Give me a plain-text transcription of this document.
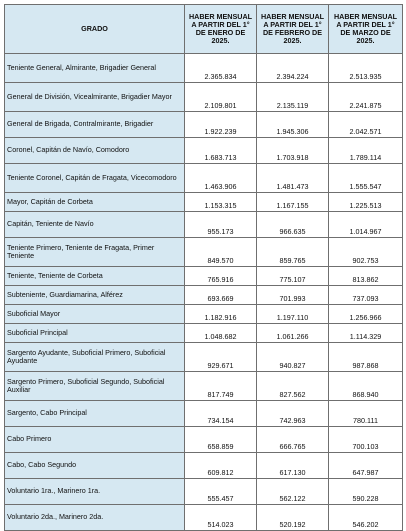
GRADO	HABER MENSUAL A PARTIR DEL 1° DE ENERO DE 2025.	HABER MENSUAL A PARTIR DEL 1° DE FEBRERO DE 2025.	HABER MENSUAL A PARTIR DEL 1° DE MARZO DE 2025.
Teniente General, Almirante, Brigadier General	2.365.834	2.394.224	2.513.935
General de División, Vicealmirante, Brigadier Mayor	2.109.801	2.135.119	2.241.875
General de Brigada, Contralmirante, Brigadier	1.922.239	1.945.306	2.042.571
Coronel, Capitán de Navío, Comodoro	1.683.713	1.703.918	1.789.114
Teniente Coronel, Capitán de Fragata, Vicecomodoro	1.463.906	1.481.473	1.555.547
Mayor, Capitán de Corbeta	1.153.315	1.167.155	1.225.513
Capitán, Teniente de Navío	955.173	966.635	1.014.967
Teniente Primero, Teniente de Fragata, Primer Teniente	849.570	859.765	902.753
Teniente, Teniente de Corbeta	765.916	775.107	813.862
Subteniente, Guardiamarina, Alférez	693.669	701.993	737.093
Suboficial Mayor	1.182.916	1.197.110	1.256.966
Suboficial Principal	1.048.682	1.061.266	1.114.329
Sargento Ayudante, Suboficial Primero, Suboficial Ayudante	929.671	940.827	987.868
Sargento Primero, Suboficial Segundo, Suboficial Auxiliar	817.749	827.562	868.940
Sargento, Cabo Principal	734.154	742.963	780.111
Cabo Primero	658.859	666.765	700.103
Cabo, Cabo Segundo	609.812	617.130	647.987
Voluntario 1ra., Marinero 1ra.	555.457	562.122	590.228
Voluntario 2da., Marinero 2da.	514.023	520.192	546.202
